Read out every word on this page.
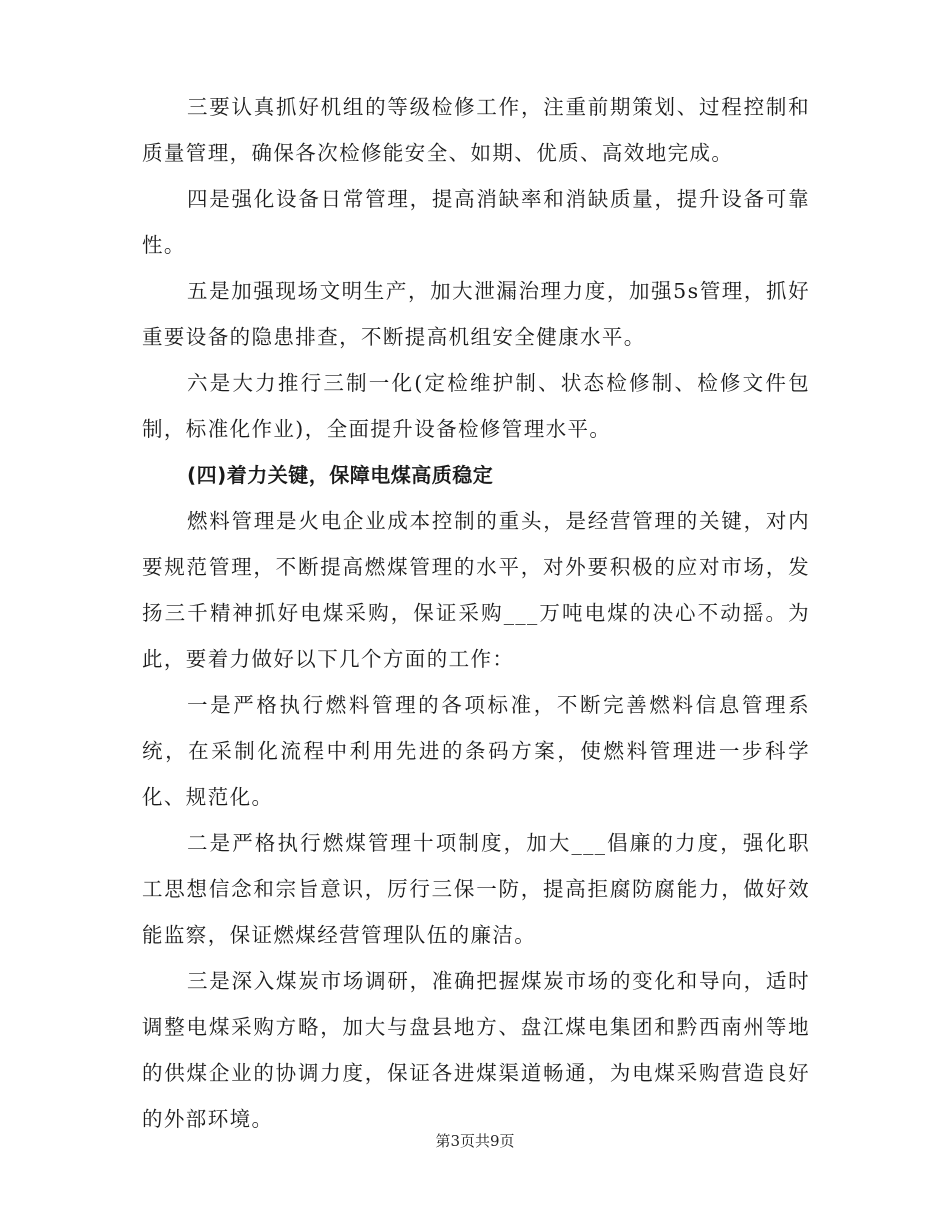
三要认真抓好机组的等级检修工作，注重前期策划、过程控制和质量管理，确保各次检修能安全、如期、优质、高效地完成。

四是强化设备日常管理，提高消缺率和消缺质量，提升设备可靠性。

五是加强现场文明生产，加大泄漏治理力度，加强5s管理，抓好重要设备的隐患排查，不断提高机组安全健康水平。

六是大力推行三制一化(定检维护制、状态检修制、检修文件包制，标准化作业)，全面提升设备检修管理水平。

(四)着力关键，保障电煤高质稳定

燃料管理是火电企业成本控制的重头，是经营管理的关键，对内要规范管理，不断提高燃煤管理的水平，对外要积极的应对市场，发扬三千精神抓好电煤采购，保证采购___万吨电煤的决心不动摇。为此，要着力做好以下几个方面的工作：

一是严格执行燃料管理的各项标准，不断完善燃料信息管理系统，在采制化流程中利用先进的条码方案，使燃料管理进一步科学化、规范化。

二是严格执行燃煤管理十项制度，加大___倡廉的力度，强化职工思想信念和宗旨意识，厉行三保一防，提高拒腐防腐能力，做好效能监察，保证燃煤经营管理队伍的廉洁。

三是深入煤炭市场调研，准确把握煤炭市场的变化和导向，适时调整电煤采购方略，加大与盘县地方、盘江煤电集团和黔西南州等地的供煤企业的协调力度，保证各进煤渠道畅通，为电煤采购营造良好的外部环境。

第3页共9页
